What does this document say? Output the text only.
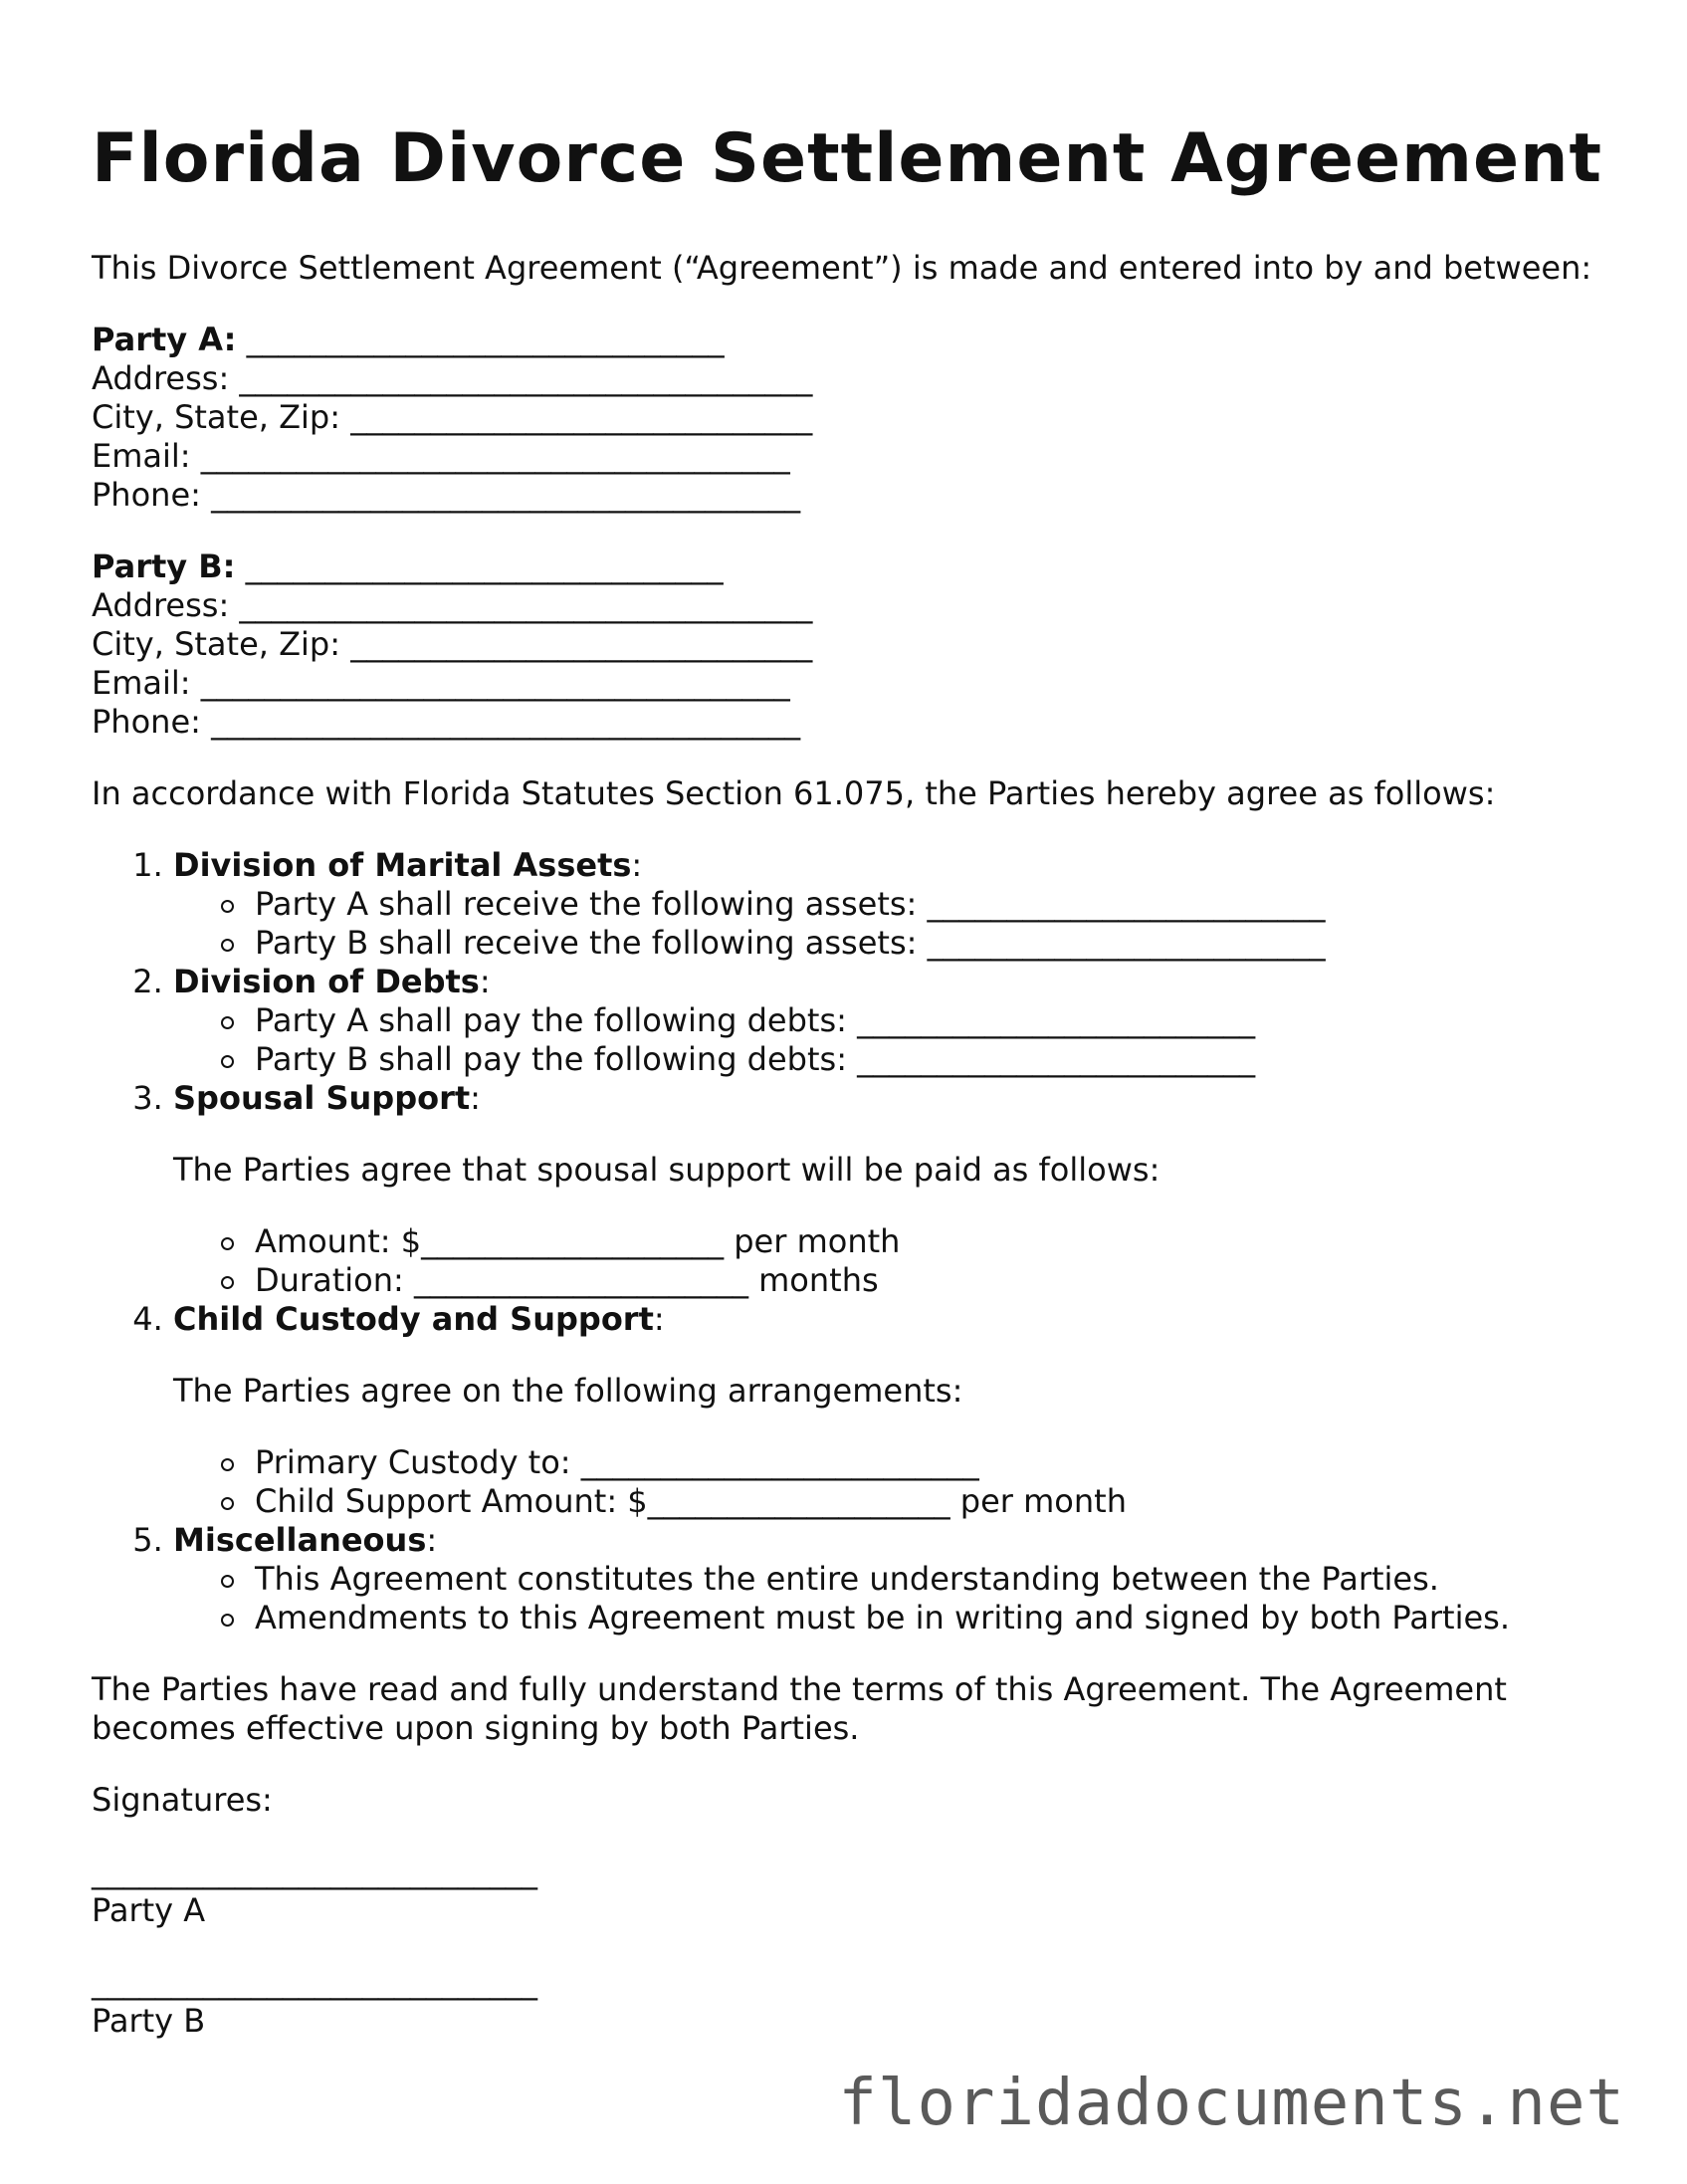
Florida Divorce Settlement Agreement

This Divorce Settlement Agreement (“Agreement”) is made and entered into by and between:

Party A: ______________________________
Address: ____________________________________
City, State, Zip: _____________________________
Email: _____________________________________
Phone: _____________________________________
Party B: ______________________________
Address: ____________________________________
City, State, Zip: _____________________________
Email: _____________________________________
Phone: _____________________________________

In accordance with Florida Statutes Section 61.075, the Parties hereby agree as follows:

1. Division of Marital Assets:
Party A shall receive the following assets: _________________________
Party B shall receive the following assets: _________________________
2. Division of Debts:
Party A shall pay the following debts: _________________________
Party B shall pay the following debts: _________________________
3. Spousal Support:

The Parties agree that spousal support will be paid as follows:

Amount: $___________________ per month
Duration: _____________________ months
4. Child Custody and Support:

The Parties agree on the following arrangements:

Primary Custody to: _________________________
Child Support Amount: $___________________ per month
5. Miscellaneous:
This Agreement constitutes the entire understanding between the Parties.
Amendments to this Agreement must be in writing and signed by both Parties.

The Parties have read and fully understand the terms of this Agreement. The Agreement becomes effective upon signing by both Parties.

Signatures:

____________________________
Party A
____________________________
Party B
floridadocuments.net
